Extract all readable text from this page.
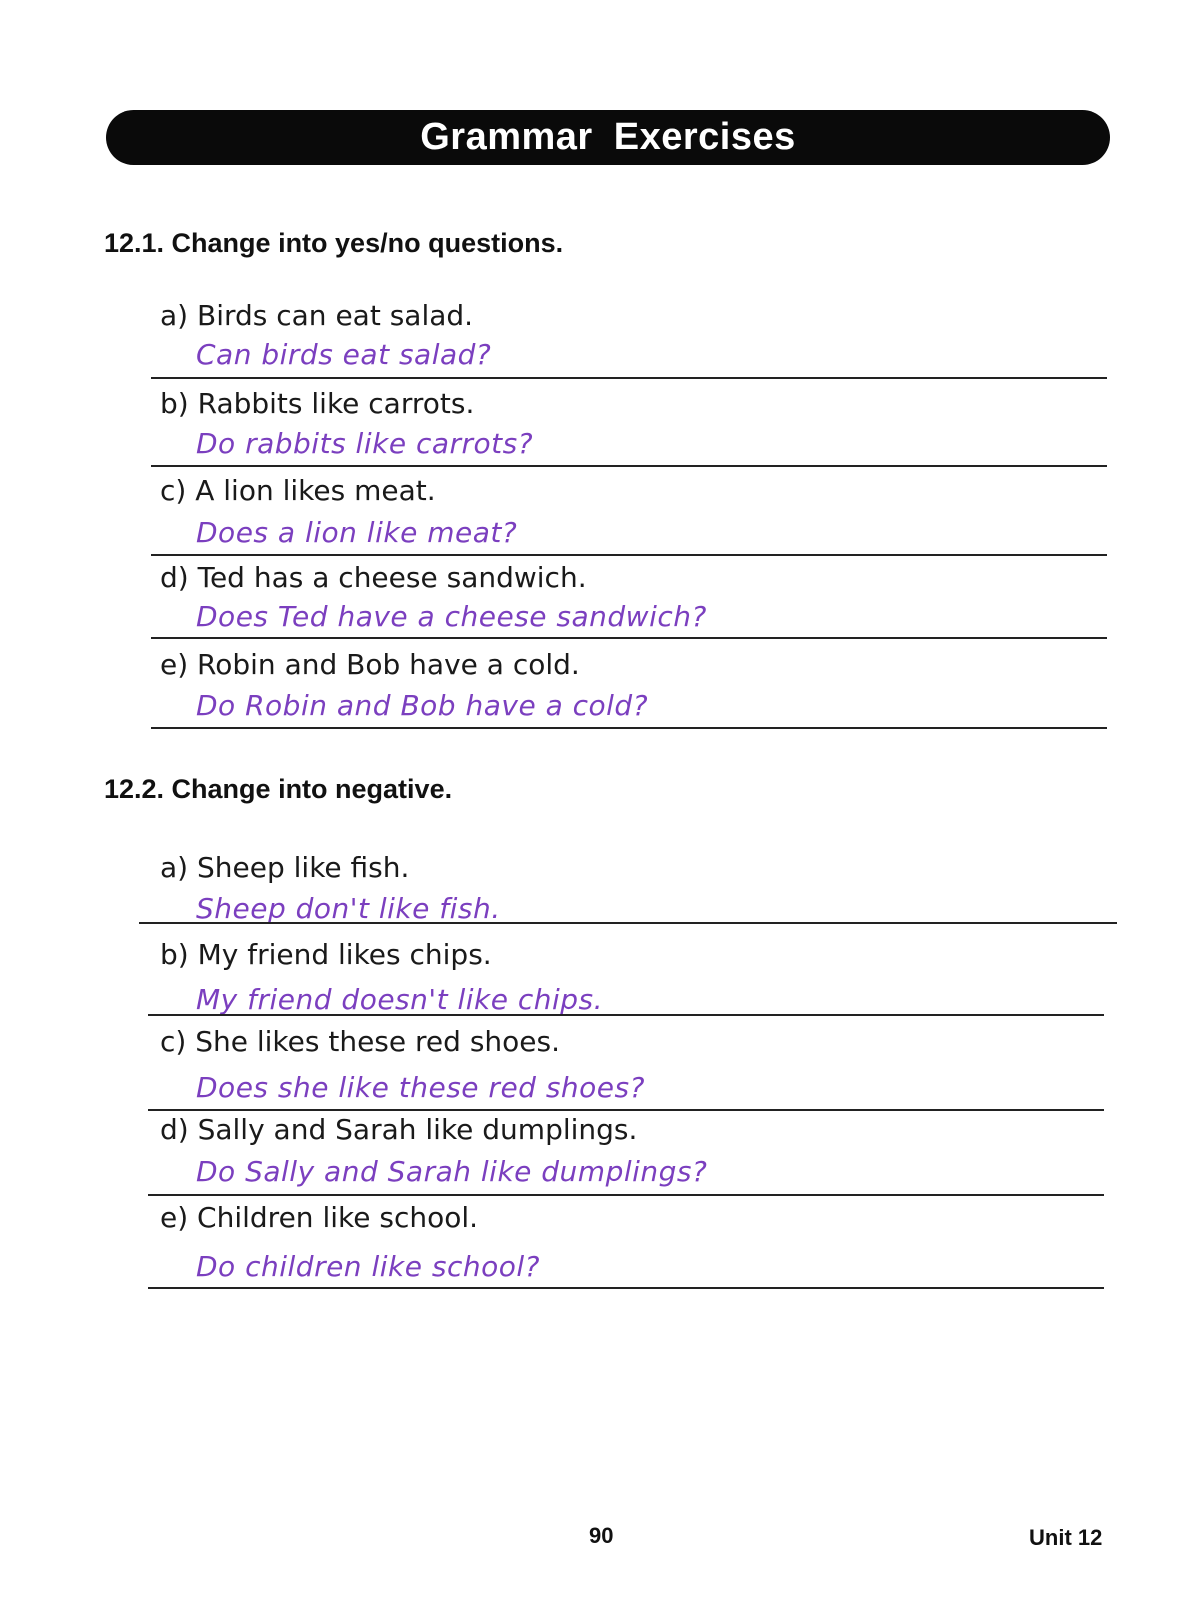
Grammar Exercises
12.1. Change into yes/no questions.
a) Birds can eat salad.
Can birds eat salad?
b) Rabbits like carrots.
Do rabbits like carrots?
c) A lion likes meat.
Does a lion like meat?
d) Ted has a cheese sandwich.
Does Ted have a cheese sandwich?
e) Robin and Bob have a cold.
Do Robin and Bob have a cold?
12.2. Change into negative.
a) Sheep like fish.
Sheep don't like fish.
b) My friend likes chips.
My friend doesn't like chips.
c) She likes these red shoes.
Does she like these red shoes?
d) Sally and Sarah like dumplings.
Do Sally and Sarah like dumplings?
e) Children like school.
Do children like school?
90	Unit 12
